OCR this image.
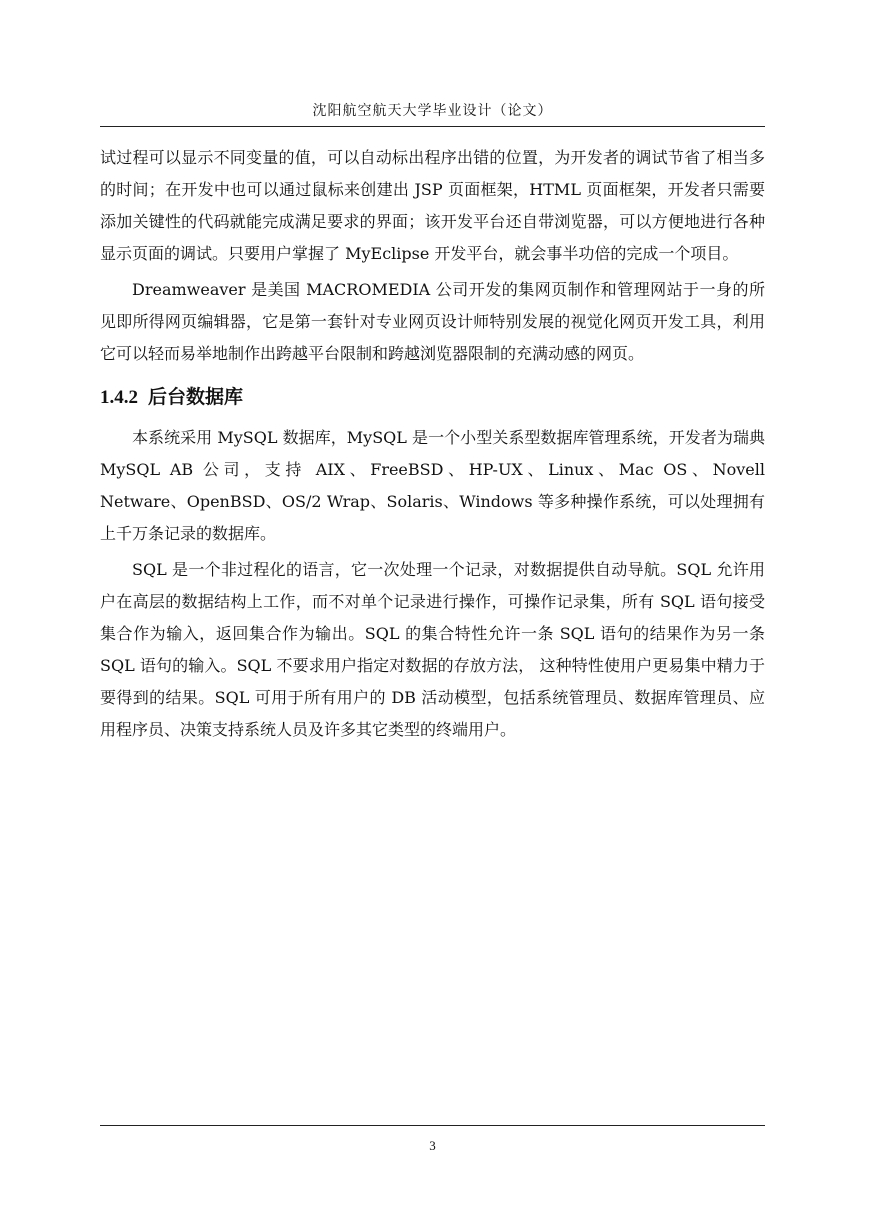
沈阳航空航天大学毕业设计（论文）

试过程可以显示不同变量的值，可以自动标出程序出错的位置，为开发者的调试节省了相当多的时间；在开发中也可以通过鼠标来创建出 JSP 页面框架，HTML 页面框架，开发者只需要添加关键性的代码就能完成满足要求的界面；该开发平台还自带浏览器，可以方便地进行各种显示页面的调试。只要用户掌握了 MyEclipse 开发平台，就会事半功倍的完成一个项目。

Dreamweaver 是美国 MACROMEDIA 公司开发的集网页制作和管理网站于一身的所见即所得网页编辑器，它是第一套针对专业网页设计师特别发展的视觉化网页开发工具，利用它可以轻而易举地制作出跨越平台限制和跨越浏览器限制的充满动感的网页。

1.4.2 后台数据库

本系统采用 MySQL 数据库，MySQL 是一个小型关系型数据库管理系统，开发者为瑞典 MySQL AB 公司，支持 AIX、FreeBSD、HP-UX、Linux、Mac OS、Novell Netware、OpenBSD、OS/2 Wrap、Solaris、Windows 等多种操作系统，可以处理拥有上千万条记录的数据库。

SQL 是一个非过程化的语言，它一次处理一个记录，对数据提供自动导航。SQL 允许用户在高层的数据结构上工作，而不对单个记录进行操作，可操作记录集，所有 SQL 语句接受集合作为输入，返回集合作为输出。SQL 的集合特性允许一条 SQL 语句的结果作为另一条 SQL 语句的输入。SQL 不要求用户指定对数据的存放方法， 这种特性使用户更易集中精力于要得到的结果。SQL 可用于所有用户的 DB 活动模型，包括系统管理员、数据库管理员、应用程序员、决策支持系统人员及许多其它类型的终端用户。

3
